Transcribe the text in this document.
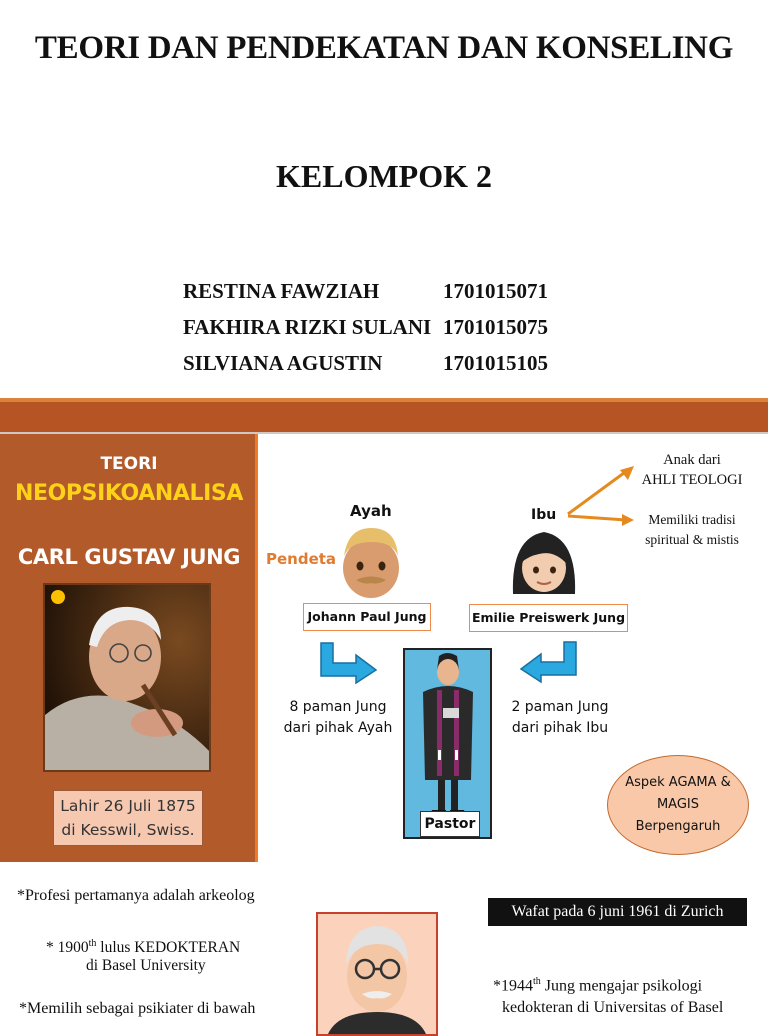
TEORI DAN PENDEKATAN DAN KONSELING
KELOMPOK 2
RESTINA FAWZIAH	1701015071
FAKHIRA RIZKI SULANI 1701015075
SILVIANA AGUSTIN	1701015105
TEORI
NEOPSIKOANALISA
CARL GUSTAV JUNG
Lahir 26 Juli 1875
di Kesswil, Swiss.
Ayah	Ibu
Pendeta
Johann Paul Jung	Emilie Preiswerk Jung
Anak dari
AHLI TEOLOGI
Memiliki tradisi
spiritual & mistis
8 paman Jung
dari pihak Ayah
2 paman Jung
dari pihak Ibu
Pastor
Aspek AGAMA &
MAGIS
Berpengaruh
*Profesi pertamanya adalah arkeolog
* 1900th lulus KEDOKTERAN
di Basel University
*Memilih sebagai psikiater di bawah
Wafat pada 6 juni 1961 di Zurich
*1944th Jung mengajar psikologi
kedokteran di Universitas of Basel
